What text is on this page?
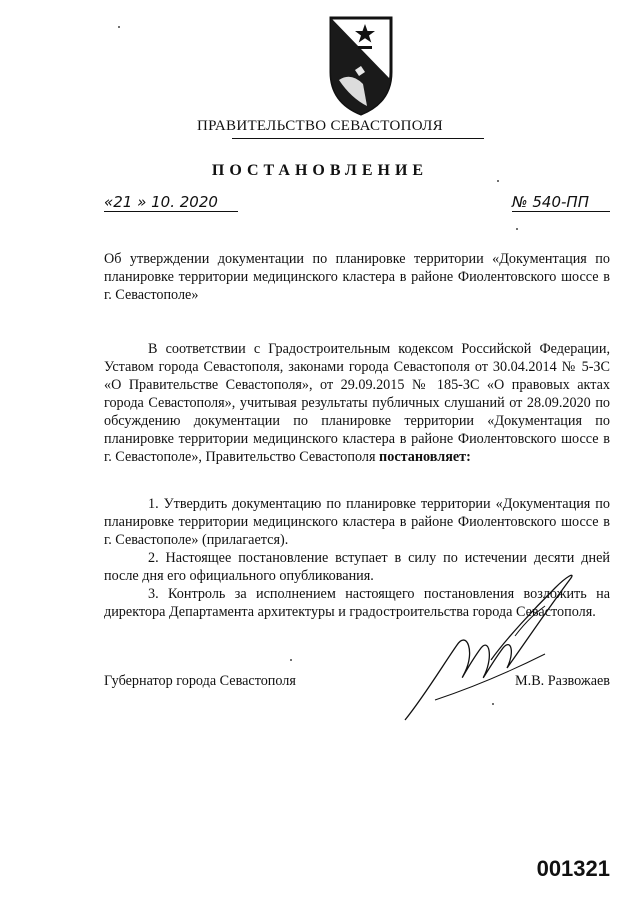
ПРАВИТЕЛЬСТВО СЕВАСТОПОЛЯ
ПОСТАНОВЛЕНИЕ
«21 » 10. 2020	№ 540-ПП
Об утверждении документации по планировке территории «Документация по планировке территории медицинского кластера в районе Фиолентовского шоссе в г. Севастополе»
В соответствии с Градостроительным кодексом Российской Федерации, Уставом города Севастополя, законами города Севастополя от 30.04.2014 № 5-ЗС «О Правительстве Севастополя», от 29.09.2015 № 185-ЗС «О правовых актах города Севастополя», учитывая результаты публичных слушаний от 28.09.2020 по обсуждению документации по планировке территории «Документация по планировке территории медицинского кластера в районе Фиолентовского шоссе в г. Севастополе», Правительство Севастополя постановляет:
1. Утвердить документацию по планировке территории «Документация по планировке территории медицинского кластера в районе Фиолентовского шоссе в г. Севастополе» (прилагается).
2. Настоящее постановление вступает в силу по истечении десяти дней после дня его официального опубликования.
3. Контроль за исполнением настоящего постановления возложить на директора Департамента архитектуры и градостроительства города Севастополя.
Губернатор города Севастополя	М.В. Развожаев
001321
